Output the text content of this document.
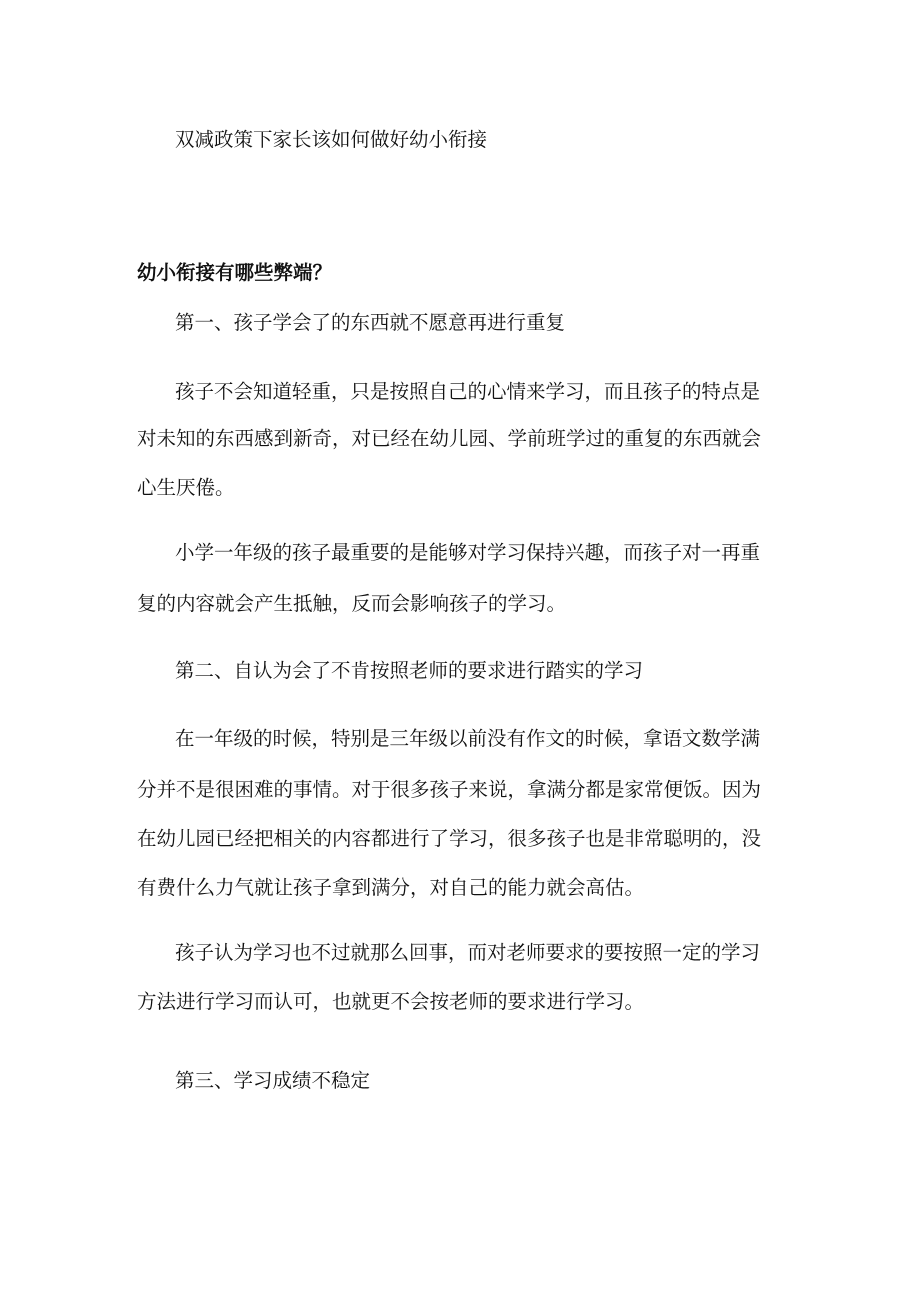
双减政策下家长该如何做好幼小衔接
幼小衔接有哪些弊端？
第一、孩子学会了的东西就不愿意再进行重复
孩子不会知道轻重，只是按照自己的心情来学习，而且孩子的特点是
对未知的东西感到新奇，对已经在幼儿园、学前班学过的重复的东西就会
心生厌倦。
小学一年级的孩子最重要的是能够对学习保持兴趣，而孩子对一再重
复的内容就会产生抵触，反而会影响孩子的学习。
第二、自认为会了不肯按照老师的要求进行踏实的学习
在一年级的时候，特别是三年级以前没有作文的时候，拿语文数学满
分并不是很困难的事情。对于很多孩子来说，拿满分都是家常便饭。因为
在幼儿园已经把相关的内容都进行了学习，很多孩子也是非常聪明的，没
有费什么力气就让孩子拿到满分，对自己的能力就会高估。
孩子认为学习也不过就那么回事，而对老师要求的要按照一定的学习
方法进行学习而认可，也就更不会按老师的要求进行学习。
第三、学习成绩不稳定
